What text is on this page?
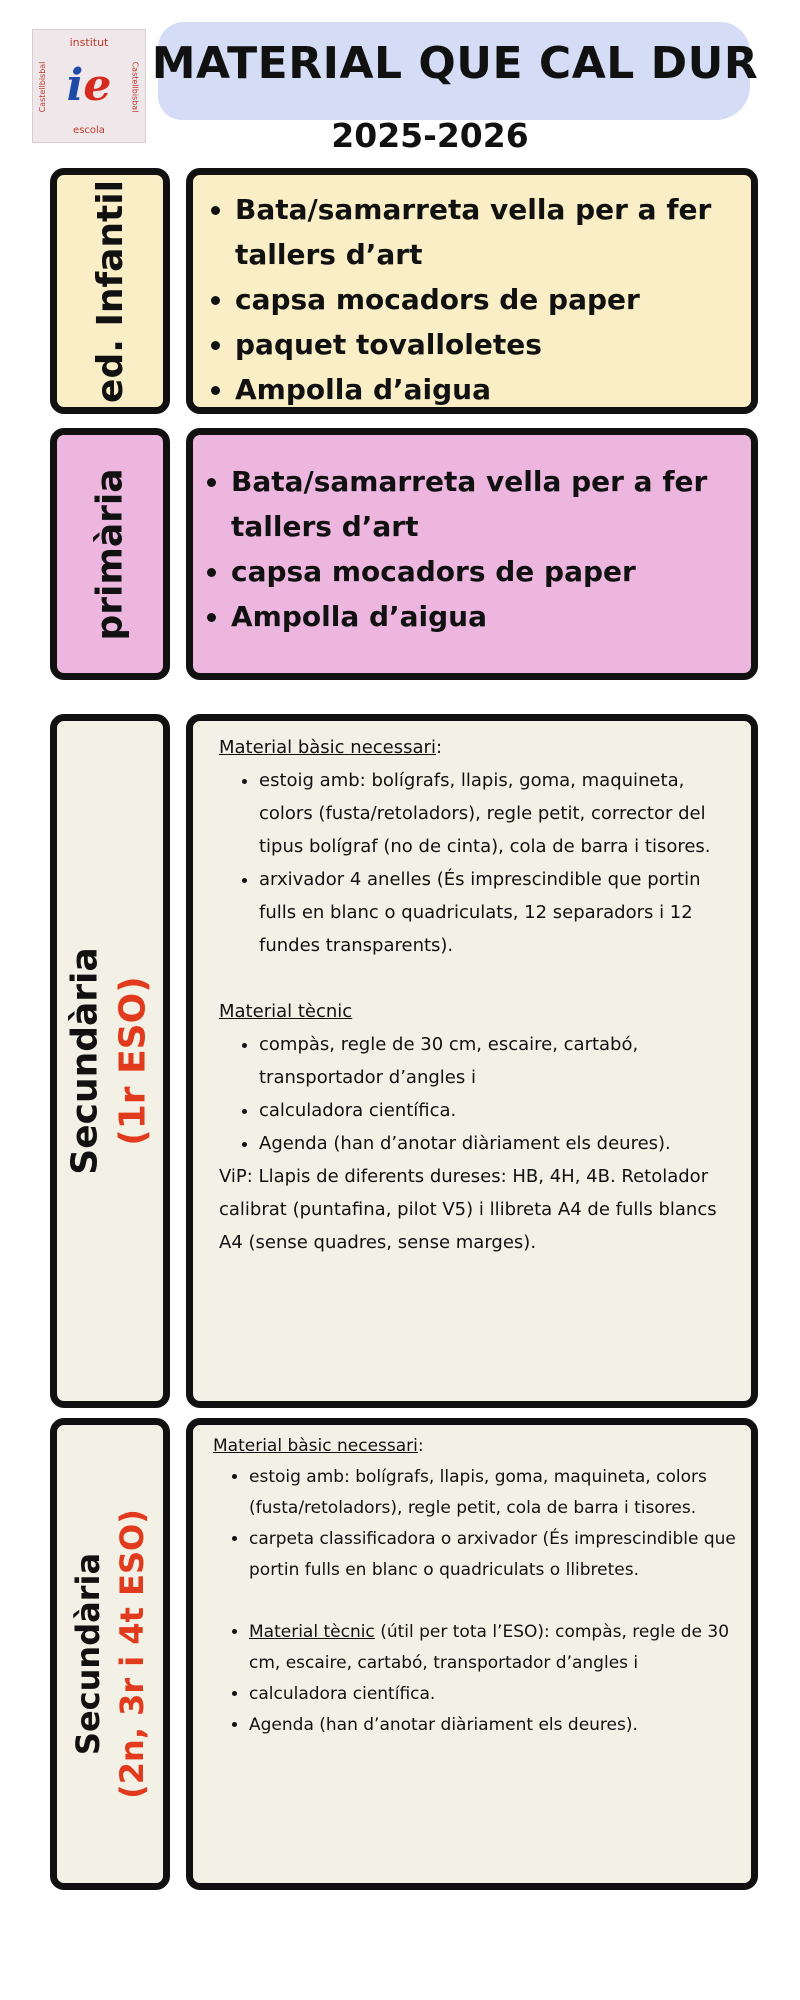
institut
Castellbisbal	Castellbisbal
ie
escola
MATERIAL QUE CAL DUR
2025-2026
ed. Infantil	• Bata/samarreta vella per a fer tallers d’art
• capsa mocadors de paper
• paquet tovalloletes
• Ampolla d’aigua
primària	• Bata/samarreta vella per a fer tallers d’art
• capsa mocadors de paper
• Ampolla d’aigua
Secundària (1r ESO)
Material bàsic necessari:
• estoig amb: bolígrafs, llapis, goma, maquineta, colors (fusta/retoladors), regle petit, corrector del tipus bolígraf (no de cinta), cola de barra i tisores.
• arxivador 4 anelles (És imprescindible que portin fulls en blanc o quadriculats, 12 separadors i 12 fundes transparents).
Material tècnic
• compàs, regle de 30 cm, escaire, cartabó, transportador d’angles i
• calculadora científica.
• Agenda (han d’anotar diàriament els deures).
ViP: Llapis de diferents dureses: HB, 4H, 4B. Retolador calibrat (puntafina, pilot V5) i llibreta A4 de fulls blancs A4 (sense quadres, sense marges).
Secundària (2n, 3r i 4t ESO)
Material bàsic necessari:
• estoig amb: bolígrafs, llapis, goma, maquineta, colors (fusta/retoladors), regle petit, cola de barra i tisores.
• carpeta classificadora o arxivador (És imprescindible que portin fulls en blanc o quadriculats o llibretes.
• Material tècnic (útil per tota l’ESO): compàs, regle de 30 cm, escaire, cartabó, transportador d’angles i
• calculadora científica.
• Agenda (han d’anotar diàriament els deures).
